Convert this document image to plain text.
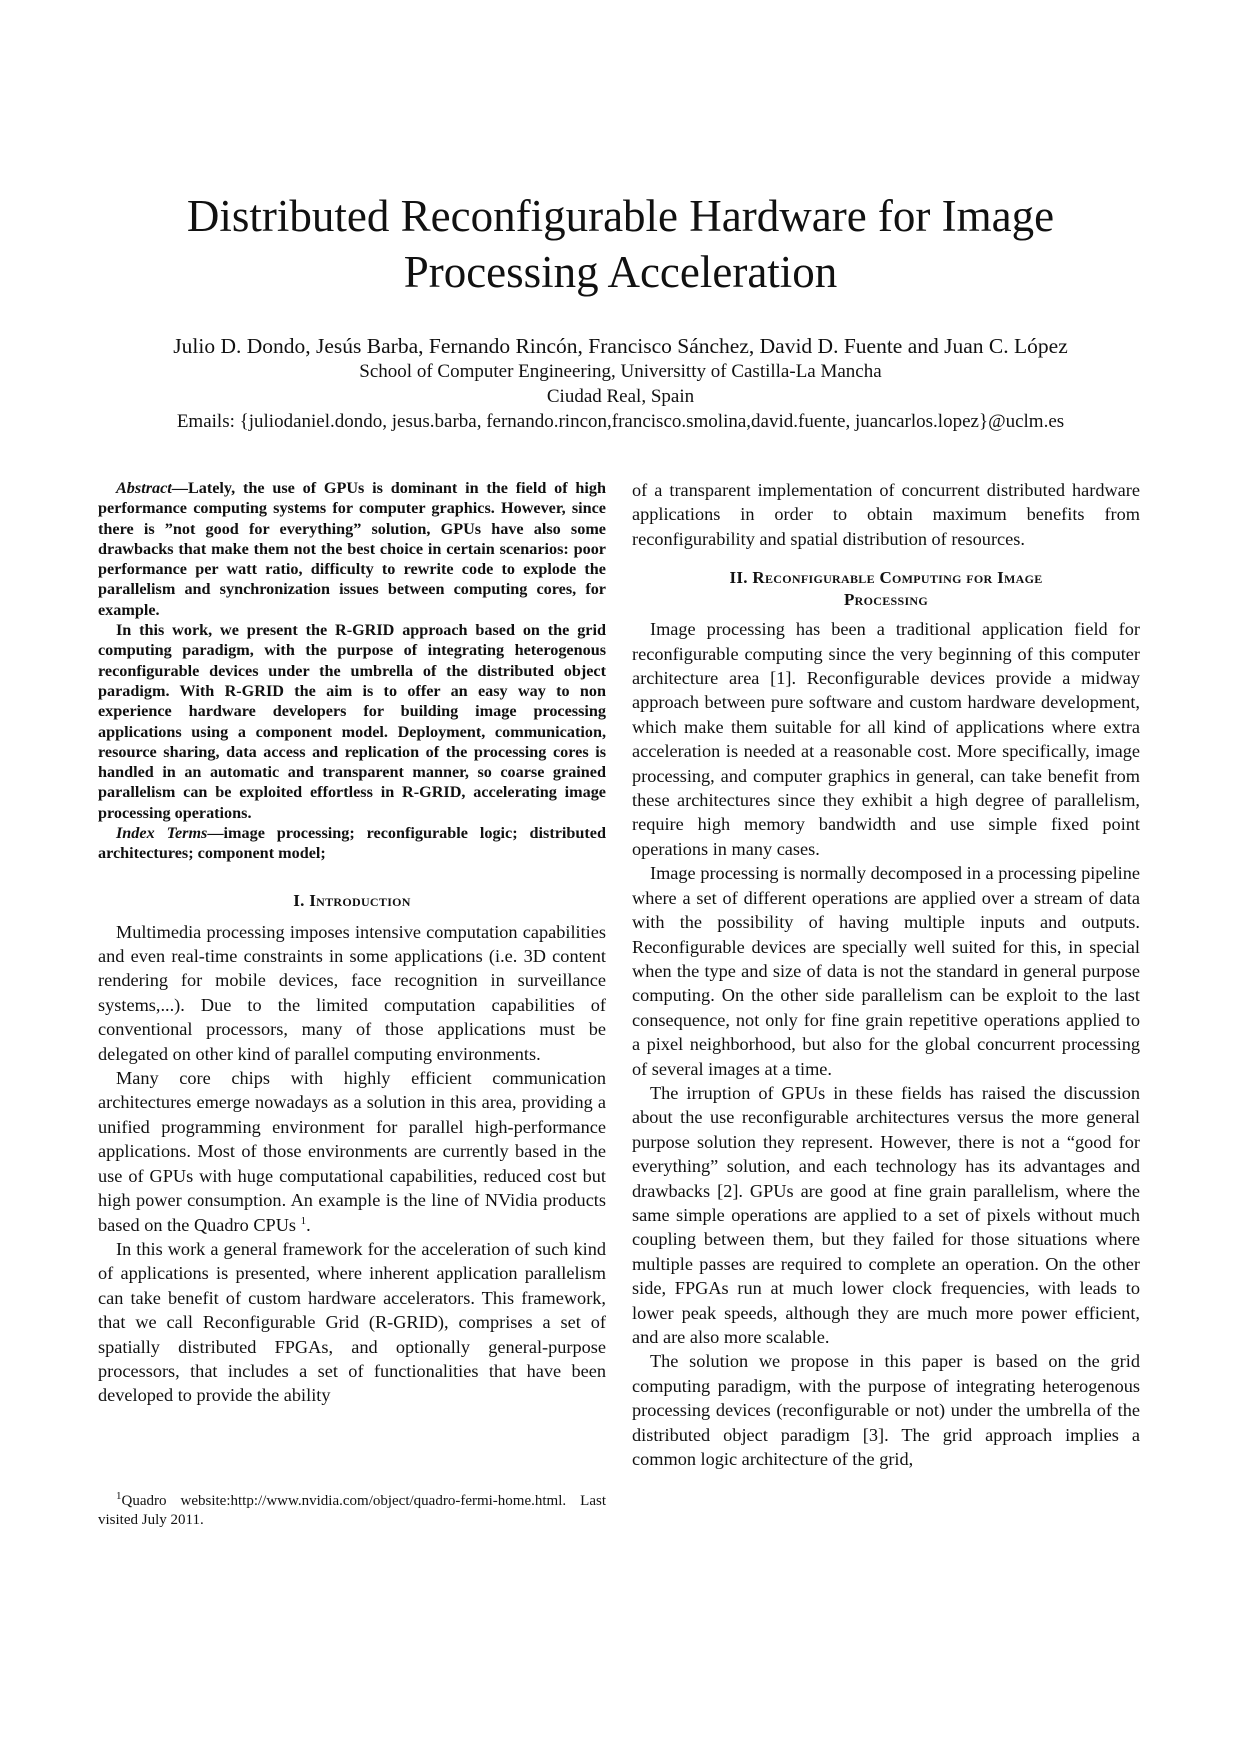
Distributed Reconfigurable Hardware for Image
Processing Acceleration
Julio D. Dondo, Jesús Barba, Fernando Rincón, Francisco Sánchez, David D. Fuente and Juan C. López
School of Computer Engineering, Universitty of Castilla-La Mancha
Ciudad Real, Spain
Emails: {juliodaniel.dondo, jesus.barba, fernando.rincon,francisco.smolina,david.fuente, juancarlos.lopez}@uclm.es

Abstract—Lately, the use of GPUs is dominant in the field of high performance computing systems for computer graphics. However, since there is ”not good for everything” solution, GPUs have also some drawbacks that make them not the best choice in certain scenarios: poor performance per watt ratio, difficulty to rewrite code to explode the parallelism and synchronization issues between computing cores, for example.

In this work, we present the R-GRID approach based on the grid computing paradigm, with the purpose of integrating heterogenous reconfigurable devices under the umbrella of the distributed object paradigm. With R-GRID the aim is to offer an easy way to non experience hardware developers for building image processing applications using a component model. Deployment, communication, resource sharing, data access and replication of the processing cores is handled in an automatic and transparent manner, so coarse grained parallelism can be exploited effortless in R-GRID, accelerating image processing operations.

Index Terms—image processing; reconfigurable logic; distributed architectures; component model;

I. Introduction

Multimedia processing imposes intensive computation capabilities and even real-time constraints in some applications (i.e. 3D content rendering for mobile devices, face recognition in surveillance systems,...). Due to the limited computation capabilities of conventional processors, many of those applications must be delegated on other kind of parallel computing environments.

Many core chips with highly efficient communication architectures emerge nowadays as a solution in this area, providing a unified programming environment for parallel high-performance applications. Most of those environments are currently based in the use of GPUs with huge computational capabilities, reduced cost but high power consumption. An example is the line of NVidia products based on the Quadro CPUs $^1$.

In this work a general framework for the acceleration of such kind of applications is presented, where inherent application parallelism can take benefit of custom hardware accelerators. This framework, that we call Reconfigurable Grid (R-GRID), comprises a set of spatially distributed FPGAs, and optionally general-purpose processors, that includes a set of functionalities that have been developed to provide the ability

$^1$Quadro website:http://www.nvidia.com/object/quadro-fermi-home.html. Last visited July 2011.

of a transparent implementation of concurrent distributed hardware applications in order to obtain maximum benefits from reconfigurability and spatial distribution of resources.

II. Reconfigurable Computing for Image
Processing

Image processing has been a traditional application field for reconfigurable computing since the very beginning of this computer architecture area [1]. Reconfigurable devices provide a midway approach between pure software and custom hardware development, which make them suitable for all kind of applications where extra acceleration is needed at a reasonable cost. More specifically, image processing, and computer graphics in general, can take benefit from these architectures since they exhibit a high degree of parallelism, require high memory bandwidth and use simple fixed point operations in many cases.

Image processing is normally decomposed in a processing pipeline where a set of different operations are applied over a stream of data with the possibility of having multiple inputs and outputs. Reconfigurable devices are specially well suited for this, in special when the type and size of data is not the standard in general purpose computing. On the other side parallelism can be exploit to the last consequence, not only for fine grain repetitive operations applied to a pixel neighborhood, but also for the global concurrent processing of several images at a time.

The irruption of GPUs in these fields has raised the discussion about the use reconfigurable architectures versus the more general purpose solution they represent. However, there is not a “good for everything” solution, and each technology has its advantages and drawbacks [2]. GPUs are good at fine grain parallelism, where the same simple operations are applied to a set of pixels without much coupling between them, but they failed for those situations where multiple passes are required to complete an operation. On the other side, FPGAs run at much lower clock frequencies, with leads to lower peak speeds, although they are much more power efficient, and are also more scalable.

The solution we propose in this paper is based on the grid computing paradigm, with the purpose of integrating heterogenous processing devices (reconfigurable or not) under the umbrella of the distributed object paradigm [3]. The grid approach implies a common logic architecture of the grid,
